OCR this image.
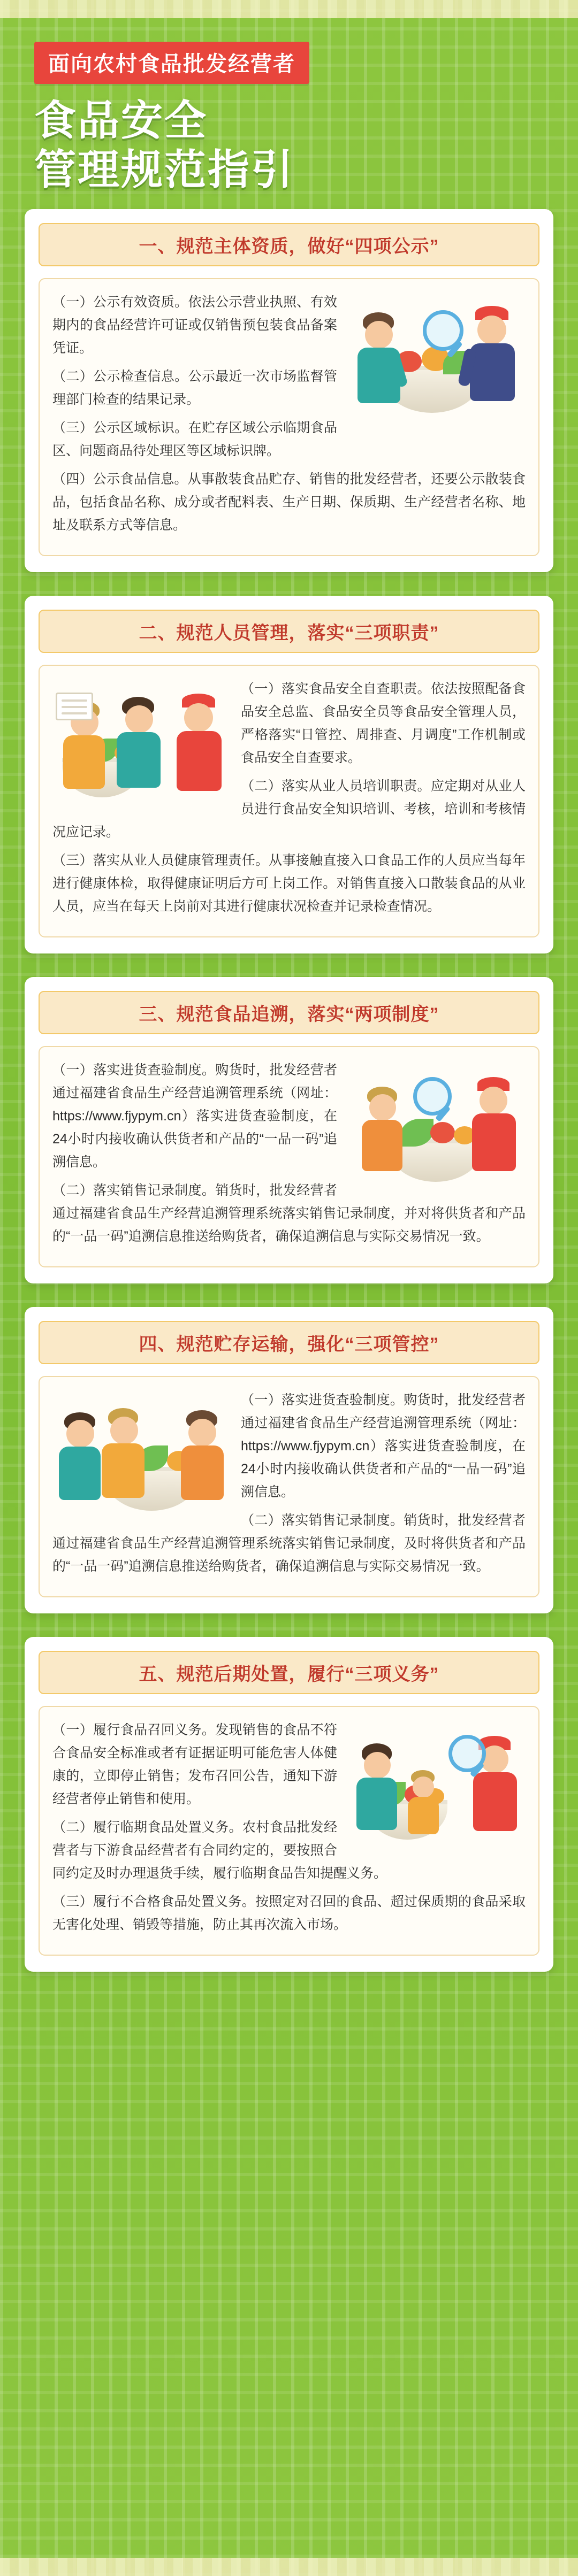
面向农村食品批发经营者
食品安全
管理规范指引
一、规范主体资质，做好“四项公示”

（一）公示有效资质。依法公示营业执照、有效期内的食品经营许可证或仅销售预包装食品备案凭证。

（二）公示检查信息。公示最近一次市场监督管理部门检查的结果记录。

（三）公示区域标识。在贮存区域公示临期食品区、问题商品待处理区等区域标识牌。

（四）公示食品信息。从事散装食品贮存、销售的批发经营者，还要公示散装食品，包括食品名称、成分或者配料表、生产日期、保质期、生产经营者名称、地址及联系方式等信息。

二、规范人员管理，落实“三项职责”

（一）落实食品安全自查职责。依法按照配备食品安全总监、食品安全员等食品安全管理人员，严格落实“日管控、周排查、月调度”工作机制或食品安全自查要求。

（二）落实从业人员培训职责。应定期对从业人员进行食品安全知识培训、考核，培训和考核情况应记录。

（三）落实从业人员健康管理责任。从事接触直接入口食品工作的人员应当每年进行健康体检，取得健康证明后方可上岗工作。对销售直接入口散装食品的从业人员，应当在每天上岗前对其进行健康状况检查并记录检查情况。

三、规范食品追溯，落实“两项制度”

（一）落实进货查验制度。购货时，批发经营者通过福建省食品生产经营追溯管理系统（网址：https://www.fjypym.cn）落实进货查验制度，在24小时内接收确认供货者和产品的“一品一码”追溯信息。

（二）落实销售记录制度。销货时，批发经营者通过福建省食品生产经营追溯管理系统落实销售记录制度，并对将供货者和产品的“一品一码”追溯信息推送给购货者，确保追溯信息与实际交易情况一致。

四、规范贮存运输，强化“三项管控”

（一）落实进货查验制度。购货时，批发经营者通过福建省食品生产经营追溯管理系统（网址：https://www.fjypym.cn）落实进货查验制度，在24小时内接收确认供货者和产品的“一品一码”追溯信息。

（二）落实销售记录制度。销货时，批发经营者通过福建省食品生产经营追溯管理系统落实销售记录制度，及时将供货者和产品的“一品一码”追溯信息推送给购货者，确保追溯信息与实际交易情况一致。

五、规范后期处置，履行“三项义务”

（一）履行食品召回义务。发现销售的食品不符合食品安全标准或者有证据证明可能危害人体健康的，立即停止销售；发布召回公告，通知下游经营者停止销售和使用。

（二）履行临期食品处置义务。农村食品批发经营者与下游食品经营者有合同约定的，要按照合同约定及时办理退货手续，履行临期食品告知提醒义务。

（三）履行不合格食品处置义务。按照定对召回的食品、超过保质期的食品采取无害化处理、销毁等措施，防止其再次流入市场。
